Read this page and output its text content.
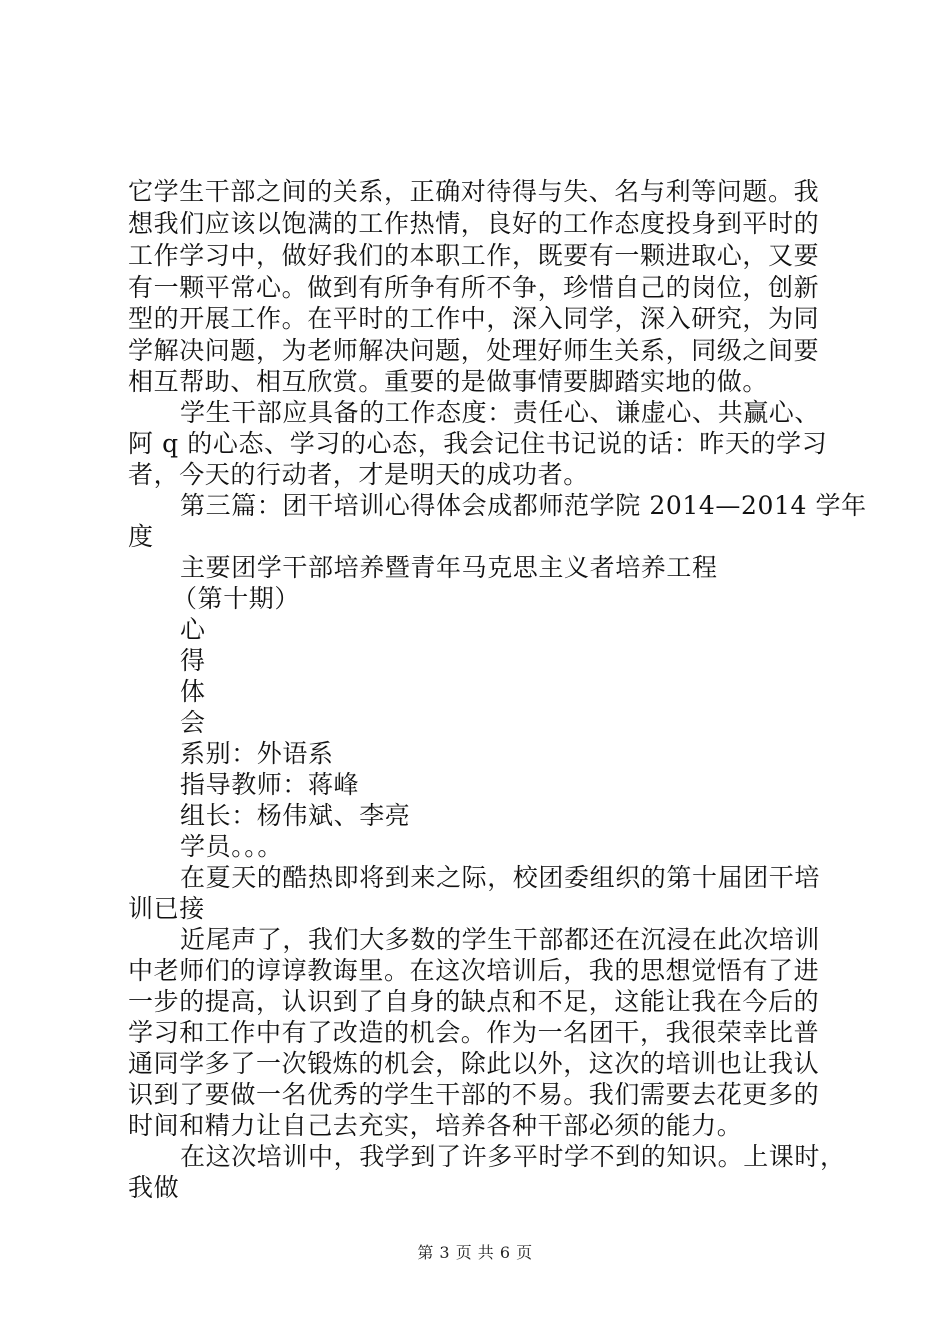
它学生干部之间的关系，正确对待得与失、名与利等问题。我
想我们应该以饱满的工作热情，良好的工作态度投身到平时的
工作学习中，做好我们的本职工作，既要有一颗进取心，又要
有一颗平常心。做到有所争有所不争，珍惜自己的岗位，创新
型的开展工作。在平时的工作中，深入同学，深入研究，为同
学解决问题，为老师解决问题，处理好师生关系，同级之间要
相互帮助、相互欣赏。重要的是做事情要脚踏实地的做。
学生干部应具备的工作态度：责任心、谦虚心、共赢心、
阿 q 的心态、学习的心态，我会记住书记说的话：昨天的学习
者，今天的行动者，才是明天的成功者。
第三篇：团干培训心得体会成都师范学院 2014—2014 学年
度
主要团学干部培养暨青年马克思主义者培养工程
（第十期）
心
得
体
会
系别：外语系
指导教师：蒋峰
组长：杨伟斌、李亮
学员。。。
在夏天的酷热即将到来之际，校团委组织的第十届团干培
训已接
近尾声了，我们大多数的学生干部都还在沉浸在此次培训
中老师们的谆谆教诲里。在这次培训后，我的思想觉悟有了进
一步的提高，认识到了自身的缺点和不足，这能让我在今后的
学习和工作中有了改造的机会。作为一名团干，我很荣幸比普
通同学多了一次锻炼的机会，除此以外，这次的培训也让我认
识到了要做一名优秀的学生干部的不易。我们需要去花更多的
时间和精力让自己去充实，培养各种干部必须的能力。
在这次培训中，我学到了许多平时学不到的知识。上课时，
我做
第 3 页 共 6 页
